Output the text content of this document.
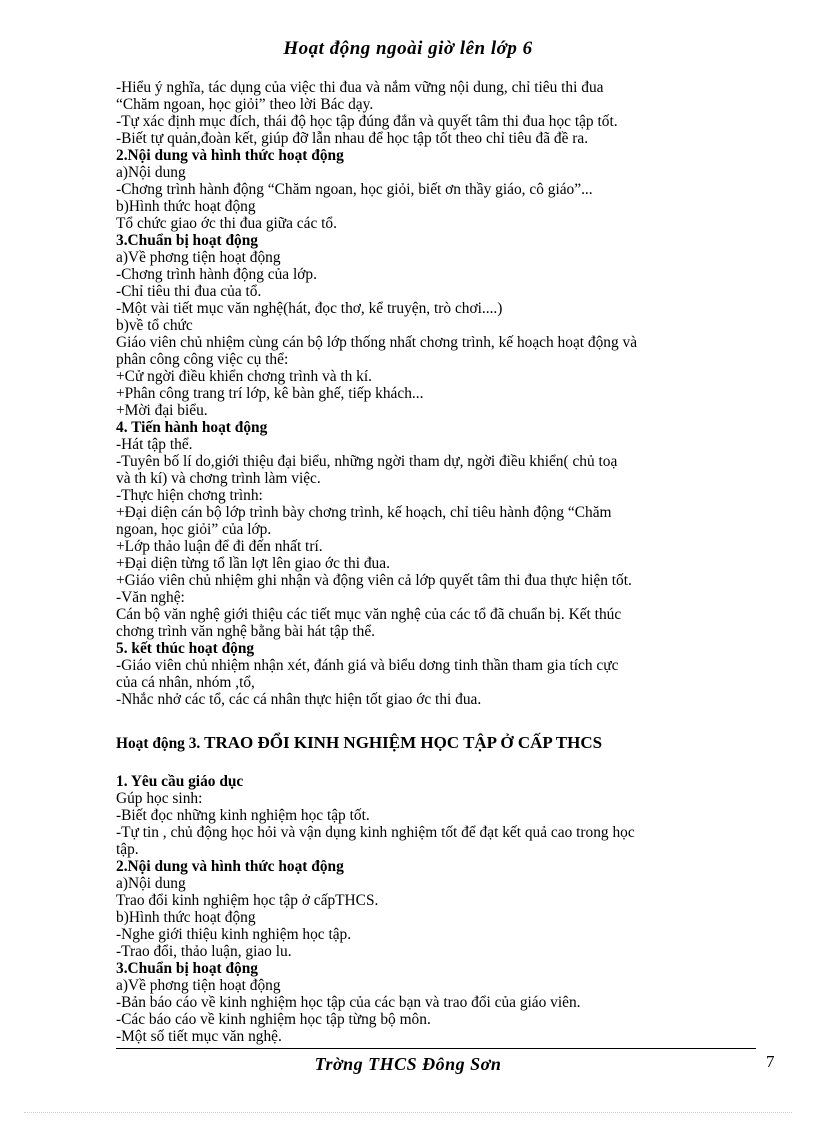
Hoạt động ngoài giờ lên lớp 6
-Hiểu ý nghĩa, tác dụng của việc thi đua và nắm vững nội dung, chỉ tiêu thi đua
“Chăm ngoan, học giỏi” theo lời Bác dạy.
-Tự xác định mục đích, thái độ học tập đúng đắn và quyết tâm thi đua học tập tốt.
-Biết tự quản,đoàn kết, giúp đỡ lẫn nhau để học tập tốt theo chỉ tiêu đã đề ra.
2.Nội dung và hình thức hoạt động
a)Nội dung
-Chơng trình hành động “Chăm ngoan, học giỏi, biết ơn thầy giáo, cô giáo”...
b)Hình thức hoạt động
Tổ chức giao ớc thi đua giữa các tổ.
3.Chuẩn bị hoạt động
a)Về phơng tiện hoạt động
-Chơng trình hành động của lớp.
-Chỉ tiêu thi đua của tổ.
-Một vài tiết mục văn nghệ(hát, đọc thơ, kể truyện, trò chơi....)
b)về tổ chức
Giáo viên chủ nhiệm cùng cán bộ lớp thống nhất chơng trình, kế hoạch hoạt động và
phân công công việc cụ thể:
+Cử ngời điều khiển chơng trình và th kí.
+Phân công trang trí lớp, kê bàn ghế, tiếp khách...
+Mời đại biểu.
4. Tiến hành hoạt động
-Hát tập thể.
-Tuyên bố lí do,giới thiệu đại biểu, những ngời tham dự, ngời điều khiển( chủ toạ
và th kí) và chơng trình làm việc.
-Thực hiện chơng trình:
+Đại diện cán bộ lớp trình bày chơng trình, kế hoạch, chỉ tiêu hành động “Chăm
ngoan, học giỏi” của lớp.
+Lớp thảo luận để đi đến nhất trí.
+Đại diện từng tổ lần lợt lên giao ớc thi đua.
+Giáo viên chủ nhiệm ghi nhận và động viên cả lớp quyết tâm thi đua thực hiện tốt.
-Văn nghệ:
Cán bộ văn nghệ giới thiệu các tiết mục văn nghệ của các tổ đã chuẩn bị. Kết thúc
chơng trình văn nghệ bằng bài hát tập thể.
5. kết thúc hoạt động
-Giáo viên chủ nhiệm nhận xét, đánh giá và biểu dơng tinh thần tham gia tích cực
của cá nhân, nhóm ,tổ,
-Nhắc nhở các tổ, các cá nhân thực hiện tốt giao ớc thi đua.
Hoạt động 3. TRAO ĐỔI KINH NGHIỆM HỌC TẬP Ở CẤP THCS
1. Yêu cầu giáo dục
Gúp học sinh:
-Biết đọc những kinh nghiệm học tập tốt.
-Tự tin , chủ động học hỏi và vận dụng kinh nghiệm tốt để đạt kết quả cao trong học
tập.
2.Nội dung và hình thức hoạt động
a)Nội dung
Trao đổi kinh nghiệm học tập ở cấpTHCS.
b)Hình thức hoạt động
-Nghe giới thiệu kinh nghiệm học tập.
-Trao đổi, thảo luận, giao lu.
3.Chuẩn bị hoạt động
a)Về phơng tiện hoạt động
-Bản báo cáo về kinh nghiệm học tập của các bạn và trao đổi của giáo viên.
-Các báo cáo về kinh nghiệm học tập từng bộ môn.
-Một số tiết mục văn nghệ.
Trờng THCS Đông Sơn	7
